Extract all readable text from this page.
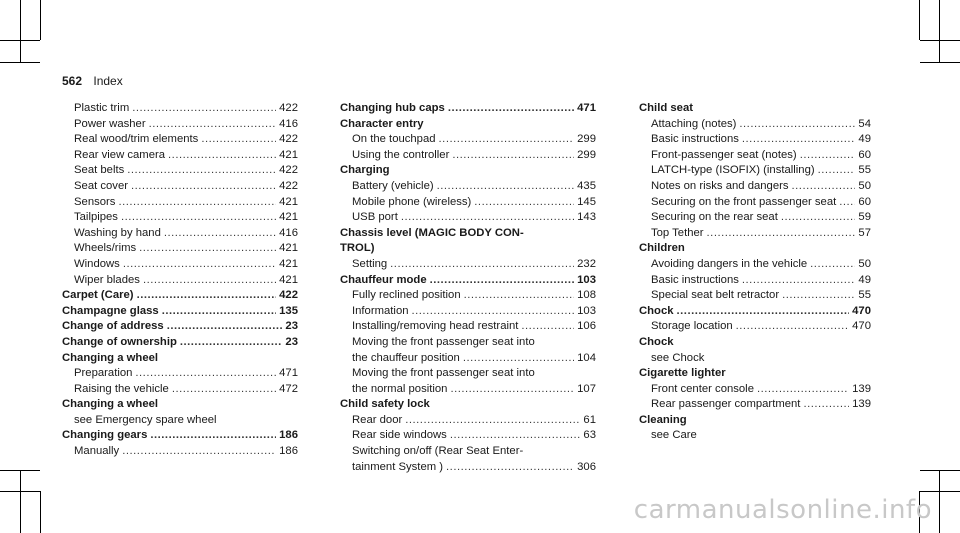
562 Index
Plastic trim .....	422
Power washer .....	416
Real wood/trim elements .....	422
Rear view camera .....	421
Seat belts .....	422
Seat cover .....	422
Sensors .....	421
Tailpipes .....	421
Washing by hand .....	416
Wheels/rims .....	421
Windows .....	421
Wiper blades .....	421
Carpet (Care) .....	422
Champagne glass .....	135
Change of address .....	23
Change of ownership .....	23
Changing a wheel
Preparation .....	471
Raising the vehicle .....	472
Changing a wheel
see Emergency spare wheel
Changing gears .....	186
Manually .....	186
Changing hub caps .....	471
Character entry
On the touchpad .....	299
Using the controller .....	299
Charging
Battery (vehicle) .....	435
Mobile phone (wireless) .....	145
USB port .....	143
Chassis level (MAGIC BODY CON-
TROL)
Setting .....	232
Chauffeur mode .....	103
Fully reclined position .....	108
Information .....	103
Installing/removing head restraint .....	106
Moving the front passenger seat into
the chauffeur position .....	104
Moving the front passenger seat into
the normal position .....	107
Child safety lock
Rear door .....	61
Rear side windows .....	63
Switching on/off (Rear Seat Enter-
tainment System ) .....	306
Child seat
Attaching (notes) .....	54
Basic instructions .....	49
Front-passenger seat (notes) .....	60
LATCH-type (ISOFIX) (installing) .....	55
Notes on risks and dangers .....	50
Securing on the front passenger seat ..... 60
Securing on the rear seat .....	59
Top Tether .....	57
Children
Avoiding dangers in the vehicle .....	50
Basic instructions .....	49
Special seat belt retractor .....	55
Chock .....	470
Storage location .....	470
Chock
see Chock
Cigarette lighter
Front center console .....	139
Rear passenger compartment .....	139
Cleaning
see Care
carmanualsonline.info
